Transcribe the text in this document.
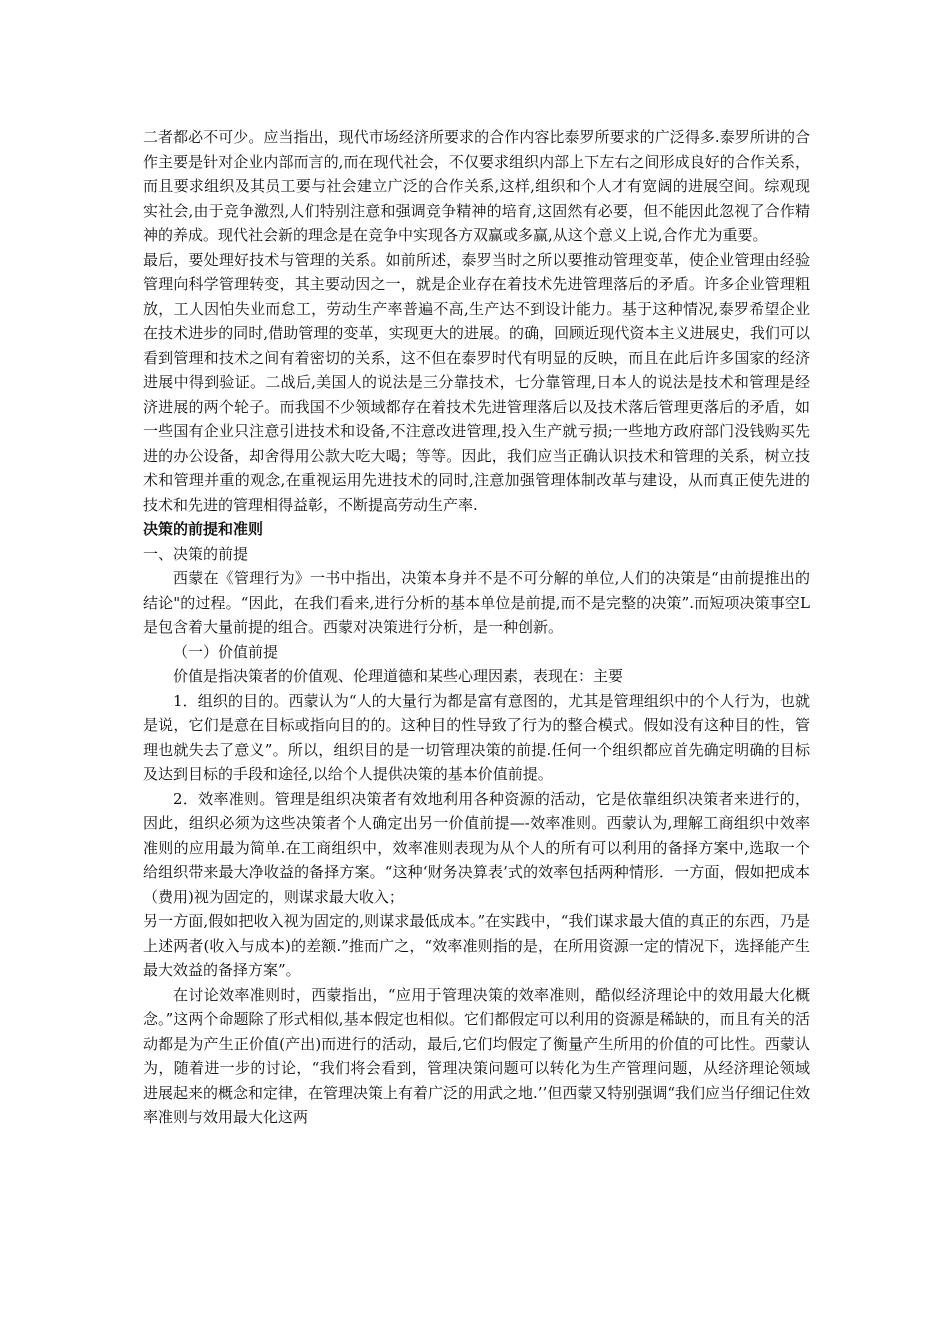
二者都必不可少。应当指出，现代市场经济所要求的合作内容比泰罗所要求的广泛得多.泰罗所讲的合作主要是针对企业内部而言的,而在现代社会，不仅要求组织内部上下左右之间形成良好的合作关系，而且要求组织及其员工要与社会建立广泛的合作关系,这样,组织和个人才有宽阔的进展空间。综观现实社会,由于竞争激烈,人们特别注意和强调竞争精神的培育,这固然有必要，但不能因此忽视了合作精神的养成。现代社会新的理念是在竞争中实现各方双赢或多赢,从这个意义上说,合作尤为重要。

最后，要处理好技术与管理的关系。如前所述，泰罗当时之所以要推动管理变革，使企业管理由经验管理向科学管理转变，其主要动因之一，就是企业存在着技术先进管理落后的矛盾。许多企业管理粗放，工人因怕失业而怠工，劳动生产率普遍不高,生产达不到设计能力。基于这种情况,泰罗希望企业在技术进步的同时,借助管理的变革，实现更大的进展。的确，回顾近现代资本主义进展史，我们可以看到管理和技术之间有着密切的关系，这不但在泰罗时代有明显的反映，而且在此后许多国家的经济进展中得到验证。二战后,美国人的说法是三分靠技术，七分靠管理,日本人的说法是技术和管理是经济进展的两个轮子。而我国不少领域都存在着技术先进管理落后以及技术落后管理更落后的矛盾，如一些国有企业只注意引进技术和设备,不注意改进管理,投入生产就亏损;一些地方政府部门没钱购买先进的办公设备，却舍得用公款大吃大喝；等等。因此，我们应当正确认识技术和管理的关系，树立技术和管理并重的观念,在重视运用先进技术的同时,注意加强管理体制改革与建设，从而真正使先进的技术和先进的管理相得益彰，不断提高劳动生产率.

决策的前提和准则

一、决策的前提

西蒙在《管理行为》一书中指出，决策本身并不是不可分解的单位,人们的决策是“由前提推出的结论"的过程。“因此，在我们看来,进行分析的基本单位是前提,而不是完整的决策”.而短项决策事空L是包含着大量前提的组合。西蒙对决策进行分析，是一种创新。

（一）价值前提

价值是指决策者的价值观、伦理道德和某些心理因素，表现在：主要

1．组织的目的。西蒙认为“人的大量行为都是富有意图的，尤其是管理组织中的个人行为，也就是说，它们是意在目标或指向目的的。这种目的性导致了行为的整合模式。假如没有这种目的性，管理也就失去了意义”。所以，组织目的是一切管理决策的前提.任何一个组织都应首先确定明确的目标及达到目标的手段和途径,以给个人提供决策的基本价值前提。

2．效率准则。管理是组织决策者有效地利用各种资源的活动，它是依靠组织决策者来进行的，因此，组织必须为这些决策者个人确定出另一价值前提—-效率准则。西蒙认为,理解工商组织中效率准则的应用最为简单.在工商组织中，效率准则表现为从个人的所有可以利用的备择方案中,选取一个给组织带来最大净收益的备择方案。“这种‘财务决算表’式的效率包括两种情形．一方面，假如把成本（费用)视为固定的，则谋求最大收入；

另一方面,假如把收入视为固定的,则谋求最低成本。”在实践中，“我们谋求最大值的真正的东西，乃是上述两者(收入与成本)的差额.”推而广之，“效率准则指的是，在所用资源一定的情况下，选择能产生最大效益的备择方案”。

在讨论效率准则时，西蒙指出，“应用于管理决策的效率准则，酷似经济理论中的效用最大化概念。”这两个命题除了形式相似,基本假定也相似。它们都假定可以利用的资源是稀缺的，而且有关的活动都是为产生正价值(产出)而进行的活动，最后,它们均假定了衡量产生所用的价值的可比性。西蒙认为，随着进一步的讨论，“我们将会看到，管理决策问题可以转化为生产管理问题，从经济理论领域进展起来的概念和定律，在管理决策上有着广泛的用武之地.’’但西蒙又特别强调“我们应当仔细记住效率准则与效用最大化这两
